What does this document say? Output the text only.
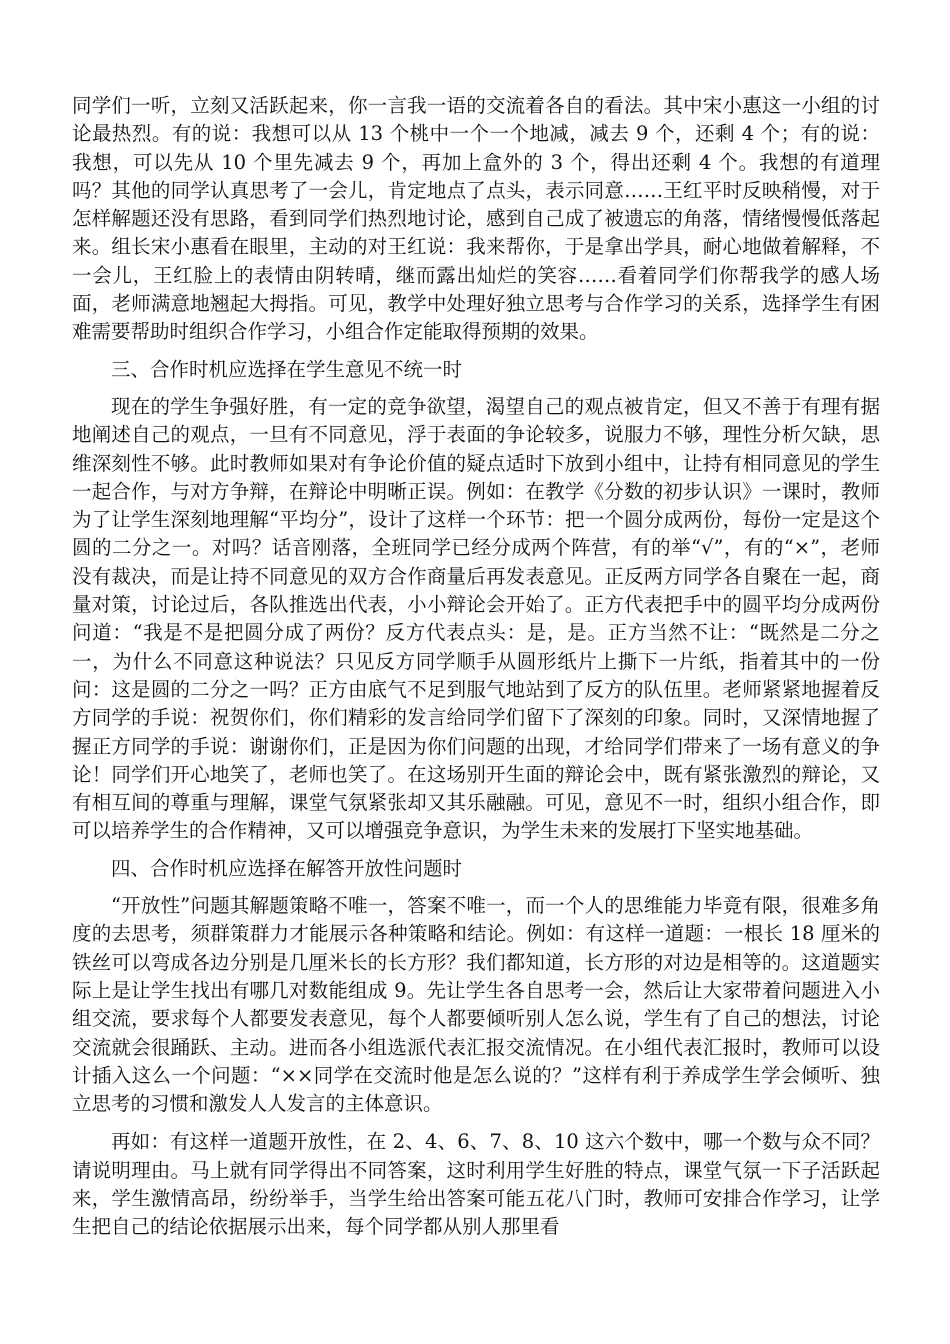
同学们一听，立刻又活跃起来，你一言我一语的交流着各自的看法。其中宋小惠这一小组的讨论最热烈。有的说：我想可以从 13 个桃中一个一个地减，减去 9 个，还剩 4 个；有的说：我想，可以先从 10 个里先减去 9 个，再加上盒外的 3 个，得出还剩 4 个。我想的有道理吗？其他的同学认真思考了一会儿，肯定地点了点头，表示同意……王红平时反映稍慢，对于怎样解题还没有思路，看到同学们热烈地讨论，感到自己成了被遗忘的角落，情绪慢慢低落起来。组长宋小惠看在眼里，主动的对王红说：我来帮你，于是拿出学具，耐心地做着解释，不一会儿，王红脸上的表情由阴转晴，继而露出灿烂的笑容……看着同学们你帮我学的感人场面，老师满意地翘起大拇指。可见，教学中处理好独立思考与合作学习的关系，选择学生有困难需要帮助时组织合作学习，小组合作定能取得预期的效果。

三、合作时机应选择在学生意见不统一时

现在的学生争强好胜，有一定的竞争欲望，渴望自己的观点被肯定，但又不善于有理有据地阐述自己的观点，一旦有不同意见，浮于表面的争论较多，说服力不够，理性分析欠缺，思维深刻性不够。此时教师如果对有争论价值的疑点适时下放到小组中，让持有相同意见的学生一起合作，与对方争辩，在辩论中明晰正误。例如：在教学《分数的初步认识》一课时，教师为了让学生深刻地理解“平均分”，设计了这样一个环节：把一个圆分成两份，每份一定是这个圆的二分之一。对吗？话音刚落，全班同学已经分成两个阵营，有的举“√”，有的“×”，老师没有裁决，而是让持不同意见的双方合作商量后再发表意见。正反两方同学各自聚在一起，商量对策，讨论过后，各队推选出代表，小小辩论会开始了。正方代表把手中的圆平均分成两份问道：“我是不是把圆分成了两份？反方代表点头：是，是。正方当然不让：“既然是二分之一，为什么不同意这种说法？只见反方同学顺手从圆形纸片上撕下一片纸，指着其中的一份问：这是圆的二分之一吗？正方由底气不足到服气地站到了反方的队伍里。老师紧紧地握着反方同学的手说：祝贺你们，你们精彩的发言给同学们留下了深刻的印象。同时，又深情地握了握正方同学的手说：谢谢你们，正是因为你们问题的出现，才给同学们带来了一场有意义的争论！同学们开心地笑了，老师也笑了。在这场别开生面的辩论会中，既有紧张激烈的辩论，又有相互间的尊重与理解，课堂气氛紧张却又其乐融融。可见，意见不一时，组织小组合作，即可以培养学生的合作精神，又可以增强竞争意识，为学生未来的发展打下坚实地基础。

四、合作时机应选择在解答开放性问题时

“开放性”问题其解题策略不唯一，答案不唯一，而一个人的思维能力毕竟有限，很难多角度的去思考，须群策群力才能展示各种策略和结论。例如：有这样一道题：一根长 18 厘米的铁丝可以弯成各边分别是几厘米长的长方形？我们都知道，长方形的对边是相等的。这道题实际上是让学生找出有哪几对数能组成 9。先让学生各自思考一会，然后让大家带着问题进入小组交流，要求每个人都要发表意见，每个人都要倾听别人怎么说，学生有了自己的想法，讨论交流就会很踊跃、主动。进而各小组选派代表汇报交流情况。在小组代表汇报时，教师可以设计插入这么一个问题：“××同学在交流时他是怎么说的？”这样有利于养成学生学会倾听、独立思考的习惯和激发人人发言的主体意识。

再如：有这样一道题开放性，在 2、4、6、7、8、10 这六个数中，哪一个数与众不同？请说明理由。马上就有同学得出不同答案，这时利用学生好胜的特点，课堂气氛一下子活跃起来，学生激情高昂，纷纷举手，当学生给出答案可能五花八门时，教师可安排合作学习，让学生把自己的结论依据展示出来，每个同学都从别人那里看
